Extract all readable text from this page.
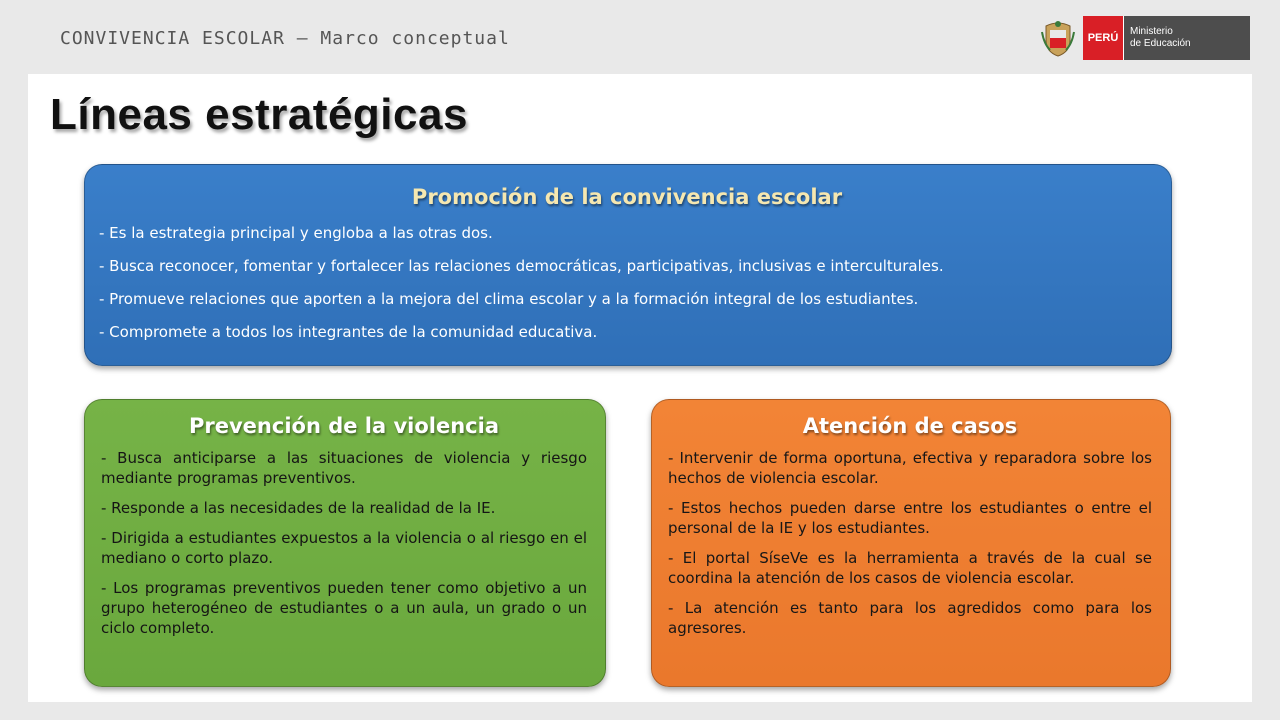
CONVIVENCIA ESCOLAR – Marco conceptual	PERÚ
Ministerio
de Educación
Líneas estratégicas
Promoción de la convivencia escolar
- Es la estrategia principal y engloba a las otras dos.
- Busca reconocer, fomentar y fortalecer las relaciones democráticas, participativas, inclusivas e interculturales.
- Promueve relaciones que aporten a la mejora del clima escolar y a la formación integral de los estudiantes.
- Compromete a todos los integrantes de la comunidad educativa.
Prevención de la violencia
- Busca anticiparse a las situaciones de violencia y riesgo mediante programas preventivos.
- Responde a las necesidades de la realidad de la IE.
- Dirigida a estudiantes expuestos a la violencia o al riesgo en el mediano o corto plazo.
- Los programas preventivos pueden tener como objetivo a un grupo heterogéneo de estudiantes o a un aula, un grado o un ciclo completo.
Atención de casos
- Intervenir de forma oportuna, efectiva y reparadora sobre los hechos de violencia escolar.
- Estos hechos pueden darse entre los estudiantes o entre el personal de la IE y los estudiantes.
- El portal SíseVe es la herramienta a través de la cual se coordina la atención de los casos de violencia escolar.
- La atención es tanto para los agredidos como para los agresores.
